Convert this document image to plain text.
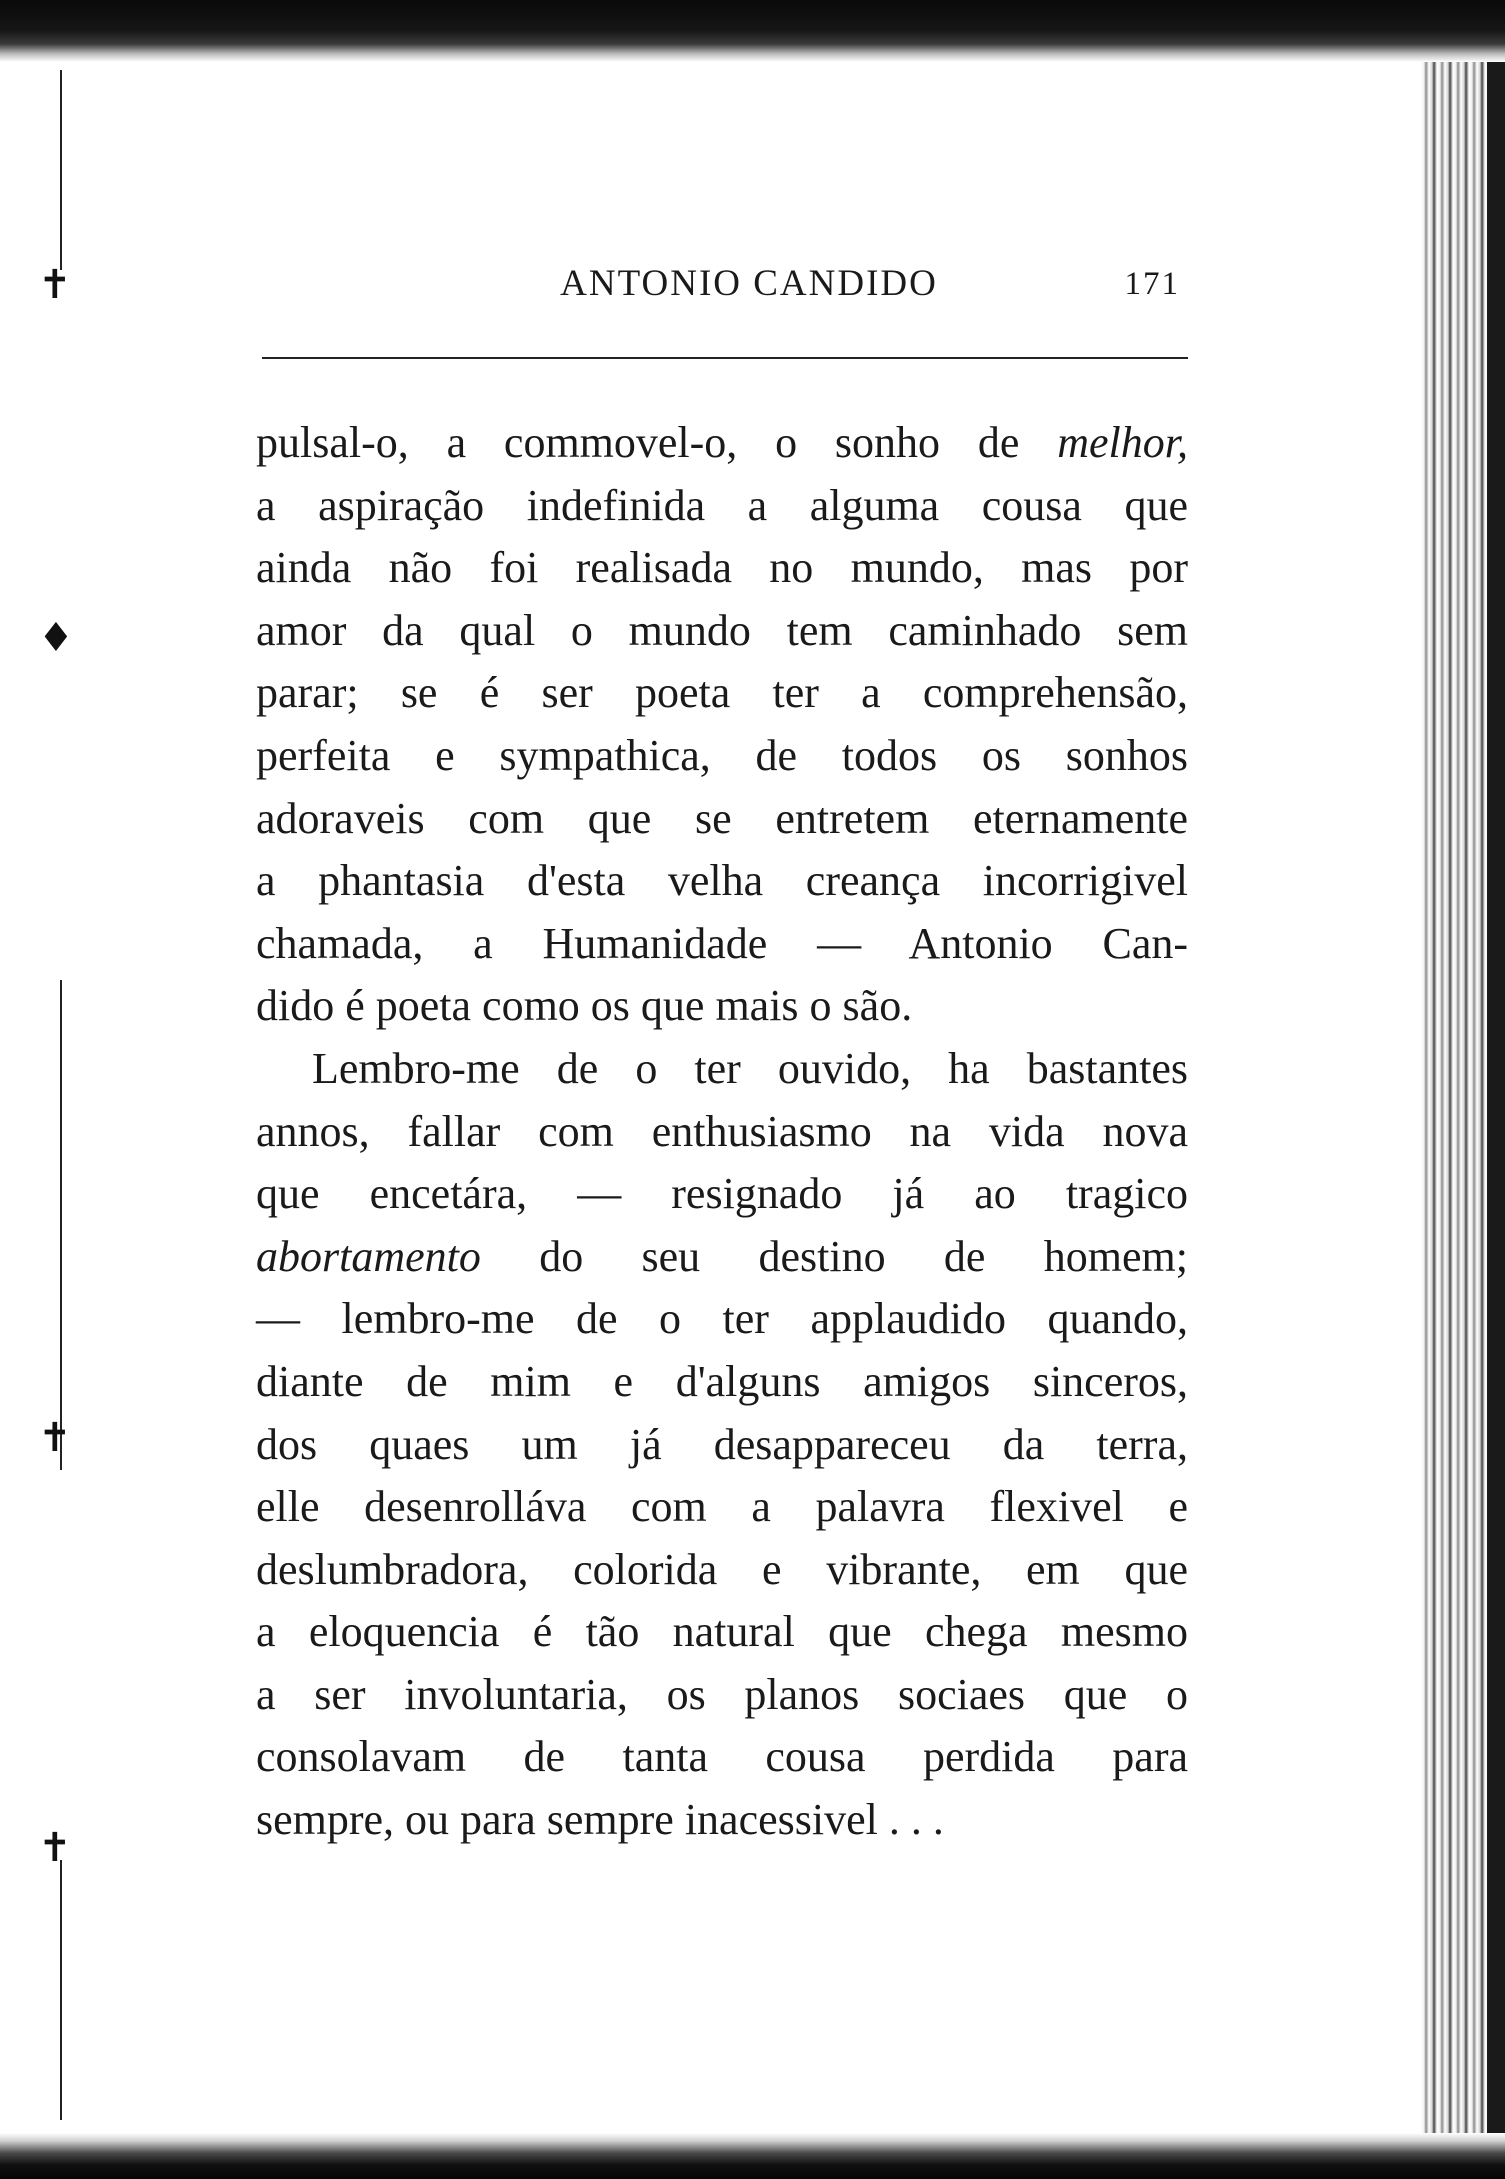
✝
♦
✝
✝
ANTONIO CANDIDO	171
pulsal-o, a commovel-o, o sonho de melhor,
a aspiração indefinida a alguma cousa que
ainda não foi realisada no mundo, mas por
amor da qual o mundo tem caminhado sem
parar; se é ser poeta ter a comprehensão,
perfeita e sympathica, de todos os sonhos
adoraveis com que se entretem eternamente
a phantasia d'esta velha creança incorrigivel
chamada, a Humanidade — Antonio Can-
dido é poeta como os que mais o são.
Lembro-me de o ter ouvido, ha bastantes
annos, fallar com enthusiasmo na vida nova
que encetára, — resignado já ao tragico
abortamento do seu destino de homem;
— lembro-me de o ter applaudido quando,
diante de mim e d'alguns amigos sinceros,
dos quaes um já desappareceu da terra,
elle desenrolláva com a palavra flexivel e
deslumbradora, colorida e vibrante, em que
a eloquencia é tão natural que chega mesmo
a ser involuntaria, os planos sociaes que o
consolavam de tanta cousa perdida para
sempre, ou para sempre inacessivel . . .
